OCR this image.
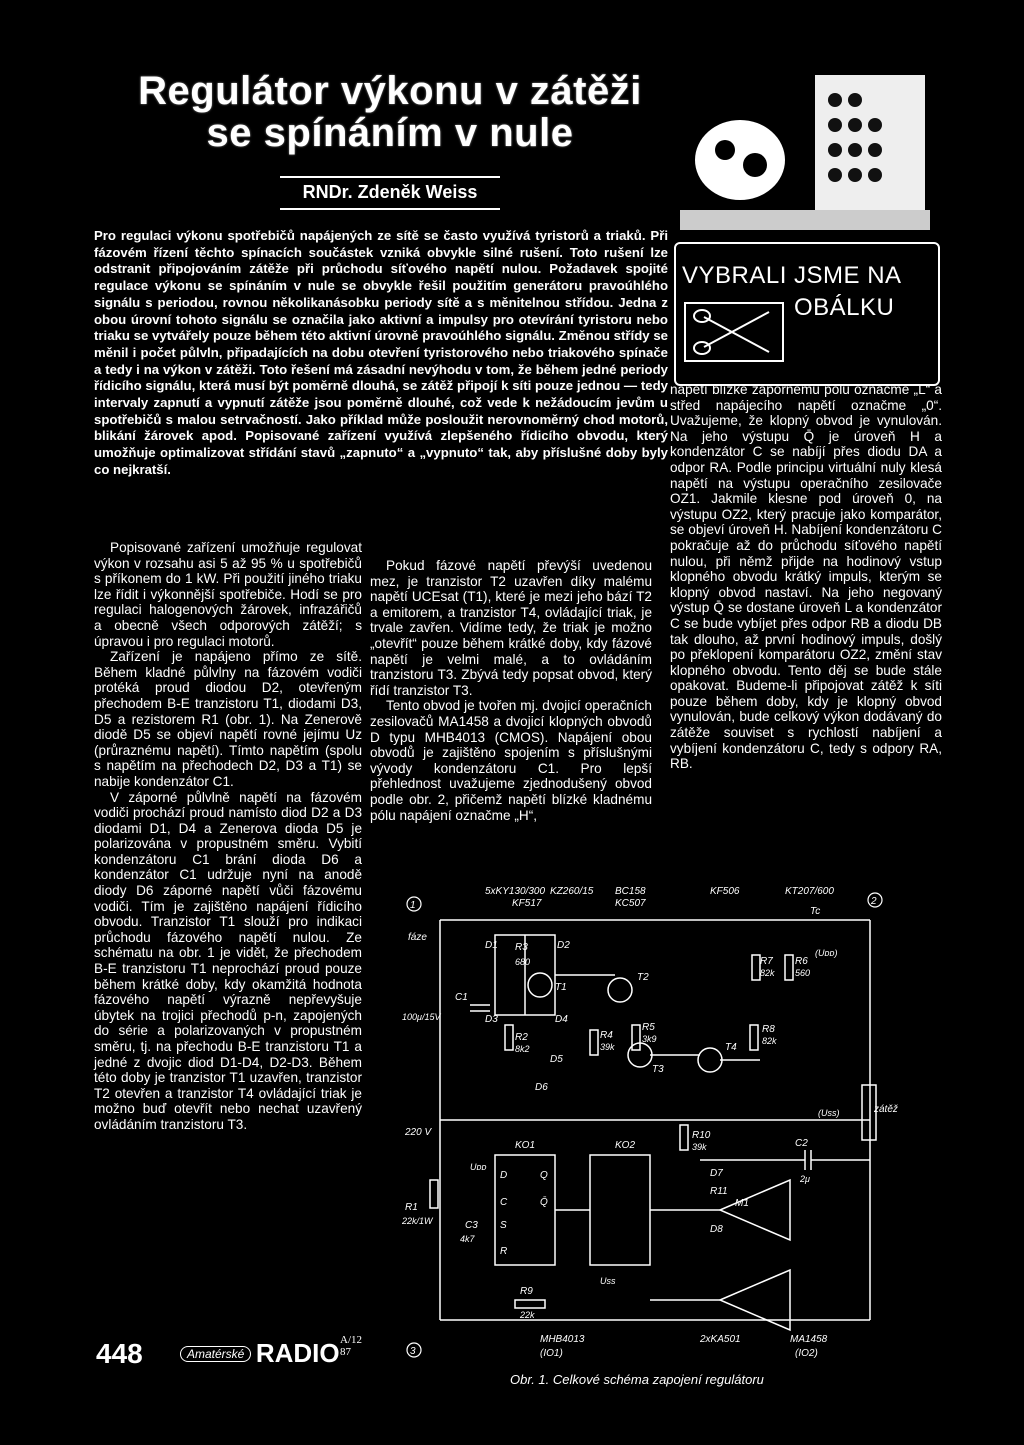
Regulátor výkonu v zátěži
se spínáním v nule
RNDr. Zdeněk Weiss
Pro regulaci výkonu spotřebičů napájených ze sítě se často využívá tyristorů a triaků. Při fázovém řízení těchto spínacích součástek vzniká obvykle silné rušení. Toto rušení lze odstranit připojováním zátěže při průchodu síťového napětí nulou. Požadavek spojité regulace výkonu se spínáním v nule se obvykle řešil použitím generátoru pravoúhlého signálu s periodou, rovnou několikanásobku periody sítě a s měnitelnou střídou. Jedna z obou úrovní tohoto signálu se označila jako aktivní a impulsy pro otevírání tyristoru nebo triaku se vytvářely pouze během této aktivní úrovně pravoúhlého signálu. Změnou střídy se měnil i počet půlvln, připadajících na dobu otevření tyristorového nebo triakového spínače a tedy i na výkon v zátěži. Toto řešení má zásadní nevýhodu v tom, že během jedné periody řídicího signálu, která musí být poměrně dlouhá, se zátěž připojí k síti pouze jednou — tedy intervaly zapnutí a vypnutí zátěže jsou poměrně dlouhé, což vede k nežádoucím jevům u spotřebičů s malou setrvačností. Jako příklad může posloužit nerovnoměrný chod motorů, blikání žárovek apod. Popisované zařízení využívá zlepšeného řídicího obvodu, který umožňuje optimalizovat střídání stavů „zapnuto“ a „vypnuto“ tak, aby příslušné doby byly co nejkratší.
VYBRALI JSME NA
OBÁLKU

Popisované zařízení umožňuje regulovat výkon v rozsahu asi 5 až 95 % u spotřebičů s příkonem do 1 kW. Při použití jiného triaku lze řídit i výkonnější spotřebiče. Hodí se pro regulaci halogenových žárovek, infrazářičů a obecně všech odporových zátěží; s úpravou i pro regulaci motorů.

Zařízení je napájeno přímo ze sítě. Během kladné půlvlny na fázovém vodiči protéká proud diodou D2, otevřeným přechodem B-E tranzistoru T1, diodami D3, D5 a rezistorem R1 (obr. 1). Na Zenerově diodě D5 se objeví napětí rovné jejímu Uz (průraznému napětí). Tímto napětím (spolu s napětím na přechodech D2, D3 a T1) se nabije kondenzátor C1.

V záporné půlvlně napětí na fázovém vodiči prochází proud namísto diod D2 a D3 diodami D1, D4 a Zenerova dioda D5 je polarizována v propustném směru. Vybití kondenzátoru C1 brání dioda D6 a kondenzátor C1 udržuje nyní na anodě diody D6 záporné napětí vůči fázovému vodiči. Tím je zajištěno napájení řídicího obvodu. Tranzistor T1 slouží pro indikaci průchodu fázového napětí nulou. Ze schématu na obr. 1 je vidět, že přechodem B-E tranzistoru T1 neprochází proud pouze během krátké doby, kdy okamžitá hodnota fázového napětí výrazně nepřevyšuje úbytek na trojici přechodů p-n, zapojených do série a polarizovaných v propustném směru, tj. na přechodu B-E tranzistoru T1 a jedné z dvojic diod D1-D4, D2-D3. Během této doby je tranzistor T1 uzavřen, tranzistor T2 otevřen a tranzistor T4 ovládající triak je možno buď otevřít nebo nechat uzavřený ovládáním tranzistoru T3.

Pokud fázové napětí převýší uvedenou mez, je tranzistor T2 uzavřen díky malému napětí UCEsat (T1), které je mezi jeho bází T2 a emitorem, a tranzistor T4, ovládající triak, je trvale zavřen. Vidíme tedy, že triak je možno „otevřít“ pouze během krátké doby, kdy fázové napětí je velmi malé, a to ovládáním tranzistoru T3. Zbývá tedy popsat obvod, který řídí tranzistor T3.

Tento obvod je tvořen mj. dvojicí operačních zesilovačů MA1458 a dvojicí klopných obvodů D typu MHB4013 (CMOS). Napájení obou obvodů je zajištěno spojením s příslušnými vývody kondenzátoru C1. Pro lepší přehlednost uvažujeme zjednodušený obvod podle obr. 2, přičemž napětí blízké kladnému pólu napájení označme „H“,

napětí blízké zápornému pólu označme „L“ a střed napájecího napětí označme „0“. Uvažujeme, že klopný obvod je vynulován. Na jeho výstupu Q̄ je úroveň H a kondenzátor C se nabíjí přes diodu DA a odpor RA. Podle principu virtuální nuly klesá napětí na výstupu operačního zesilovače OZ1. Jakmile klesne pod úroveň 0, na výstupu OZ2, který pracuje jako komparátor, se objeví úroveň H. Nabíjení kondenzátoru C pokračuje až do průchodu síťového napětí nulou, při němž přijde na hodinový vstup klopného obvodu krátký impuls, kterým se klopný obvod nastaví. Na jeho negovaný výstup Q̄ se dostane úroveň L a kondenzátor C se bude vybíjet přes odpor RB a diodu DB tak dlouho, až první hodinový impuls, došlý po překlopení komparátoru OZ2, změní stav klopného obvodu. Tento děj se bude stále opakovat. Budeme-li připojovat zátěž k síti pouze během doby, kdy je klopný obvod vynulován, bude celkový výkon dodávaný do zátěže souviset s rychlostí nabíjení a vybíjení kondenzátoru C, tedy s odpory RA, RB.

1	2
3
5xKY130/300 KZ260/15 BC158
KF517	KC507
KF506	KT207/600
fáze
D1 R3
680
D2
C1
100μ/15V
T1
T2
D3	D4
R2
8k2
D5
R4
39k
R5
3k9
T3
T4
R8
82k
R7
82k
R6
560
Tc
(Uᴅᴅ)
(Uss)	zátěž
D6
220 V
KO1	KO2
R10
39k	C2
2μ
D7
R11
M1
D8
R1
22k/1W	C3
4k7
R9
22k
Uᴅᴅ
Uss
D
C
S
R
Q
Q̄
MHB4013
(IO1)
2xKA501	MA1458
(IO2)
448	Amatérské RADIO A/12
87
Obr. 1. Celkové schéma zapojení regulátoru
